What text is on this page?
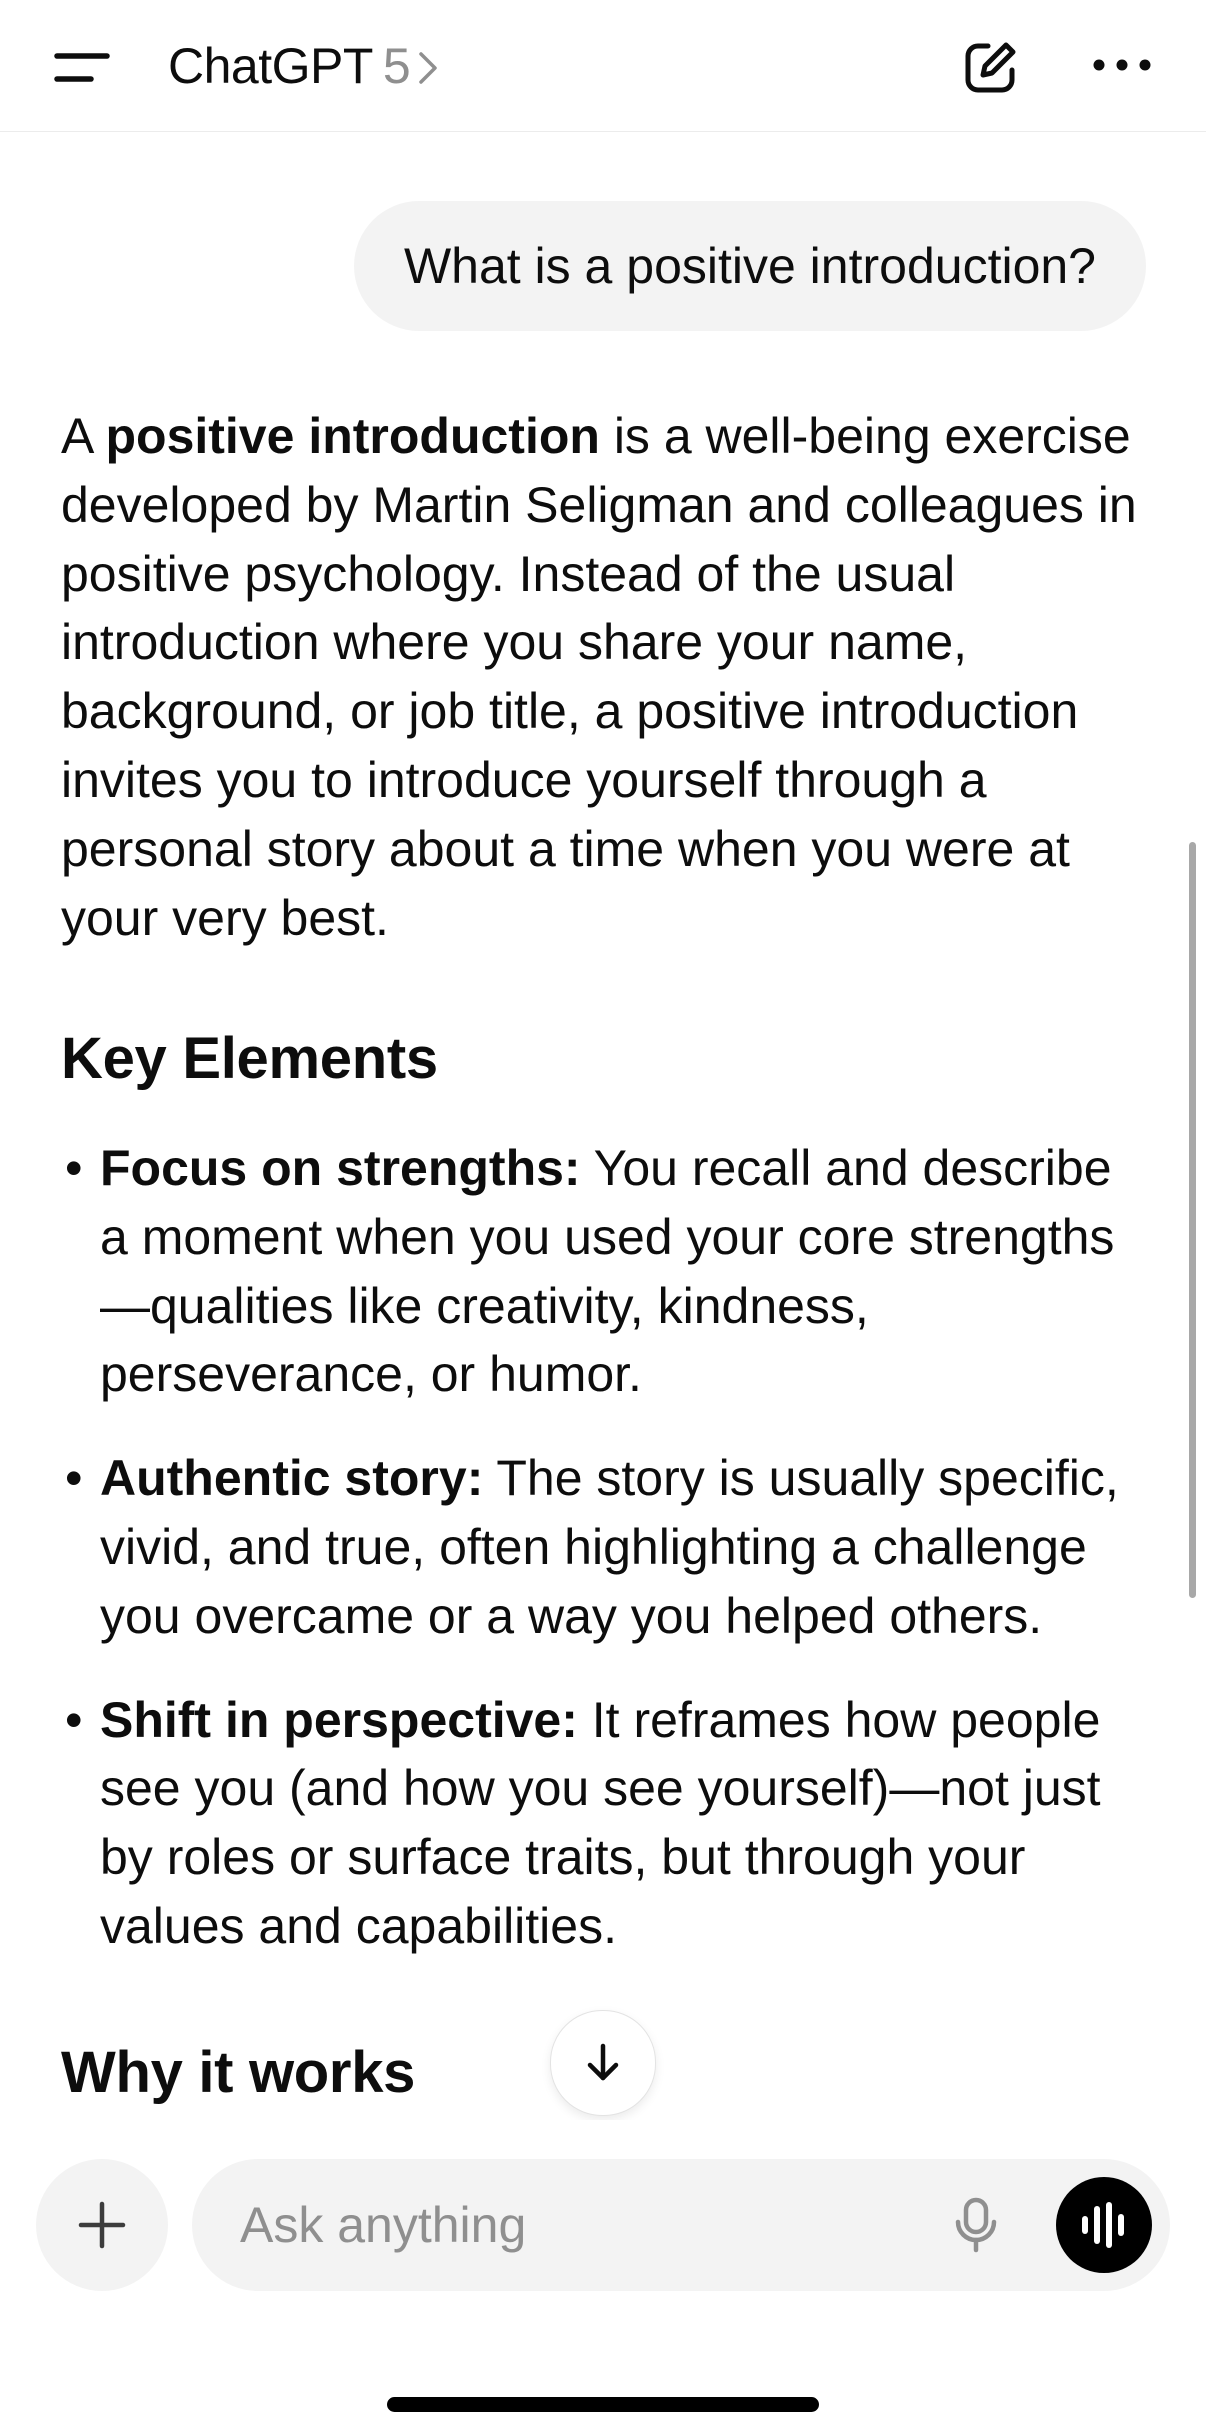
ChatGPT 5
What is a positive introduction?

A positive introduction is a well-being exercise developed by Martin Seligman and colleagues in positive psychology. Instead of the usual introduction where you share your name, background, or job title, a positive introduction invites you to introduce yourself through a personal story about a time when you were at your very best.

Key Elements
• Focus on strengths: You recall and describe a moment when you used your core strengths—qualities like creativity, kindness, perseverance, or humor.
• Authentic story: The story is usually specific, vivid, and true, often highlighting a challenge you overcame or a way you helped others.
• Shift in perspective: It reframes how people see you (and how you see yourself)—not just by roles or surface traits, but through your values and capabilities.
Why it works
Ask anything
